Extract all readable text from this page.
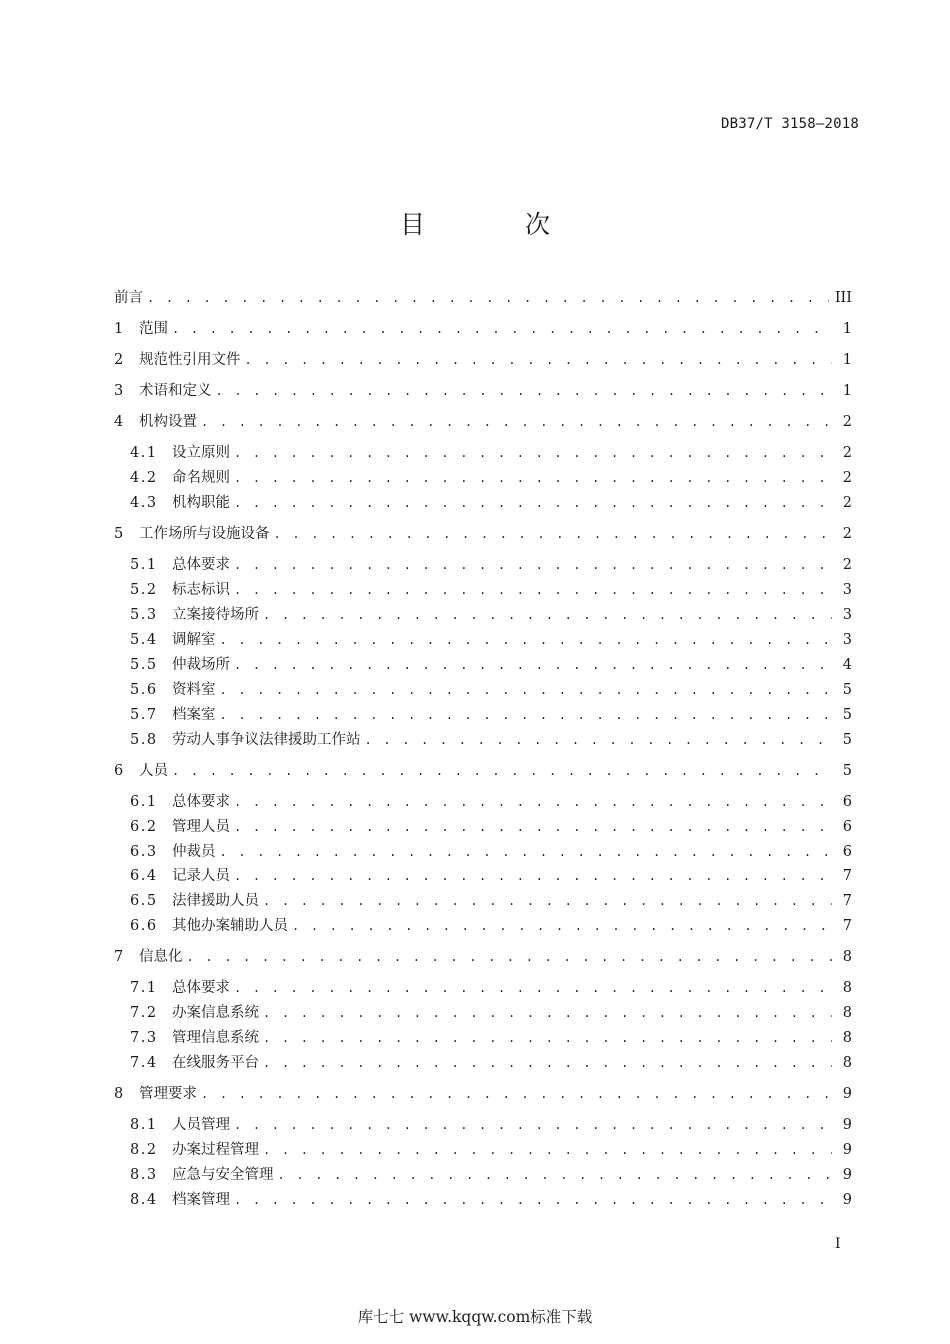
DB37/T 3158—2018
目 次
前言 . . .	III
1	范围 . . .	1
2	规范性引用文件 . . .	1
3	术语和定义 . . .	1
4	机构设置 . . .	2
4.1 设立原则 . . .	2
4.2 命名规则 . . .	2
4.3 机构职能 . . .	2
5	工作场所与设施设备 . . .	2
5.1 总体要求 . . .	2
5.2 标志标识 . . .	3
5.3 立案接待场所 . . .	3
5.4 调解室 . . .	3
5.5 仲裁场所 . . .	4
5.6 资料室 . . .	5
5.7 档案室 . . .	5
5.8 劳动人事争议法律援助工作站 . . .	5
6	人员 . . .	5
6.1 总体要求 . . .	6
6.2 管理人员 . . .	6
6.3 仲裁员 . . .	6
6.4 记录人员 . . .	7
6.5 法律援助人员 . . .	7
6.6 其他办案辅助人员 . . .	7
7	信息化 . . .	8
7.1 总体要求 . . .	8
7.2 办案信息系统 . . .	8
7.3 管理信息系统 . . .	8
7.4 在线服务平台 . . .	8
8	管理要求 . . .	9
8.1 人员管理 . . .	9
8.2 办案过程管理 . . .	9
8.3 应急与安全管理 . . .	9
8.4 档案管理 . . .	9
I
库七七 www.kqqw.com标准下载
